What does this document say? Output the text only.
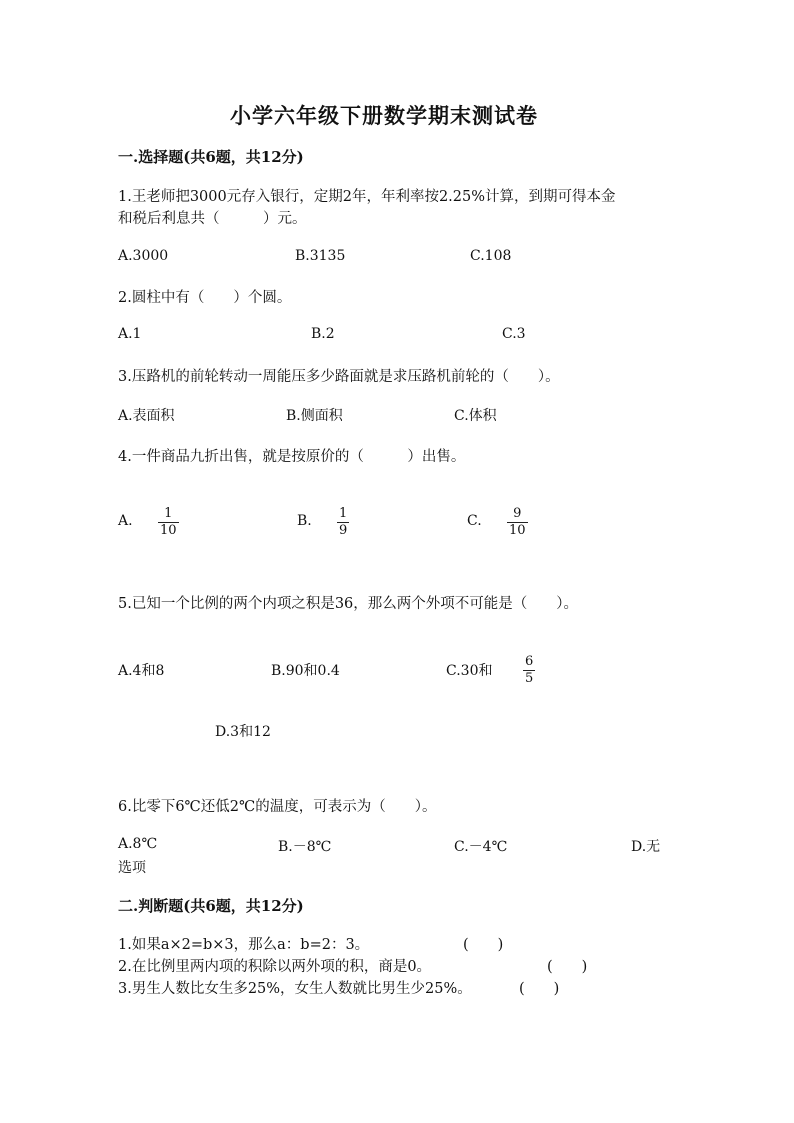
小学六年级下册数学期末测试卷
一.选择题(共6题，共12分)
1.王老师把3000元存入银行，定期2年，年利率按2.25%计算，到期可得本金
和税后利息共（　　　）元。
A.3000	B.3135	C.108
2.圆柱中有（　　）个圆。
A.1	B.2	C.3
3.压路机的前轮转动一周能压多少路面就是求压路机前轮的（　　）。
A.表面积	B.侧面积	C.体积
4.一件商品九折出售，就是按原价的（　　　）出售。
A. 1
10
B. 1
9
C. 9
10
5.已知一个比例的两个内项之积是36，那么两个外项不可能是（　　）。
A.4和8	B.90和0.4	C.30和
6
5
D.3和12
6.比零下6℃还低2℃的温度，可表示为（　　）。
A.8℃	B.－8℃	C.－4℃	D.无
选项
二.判断题(共6题，共12分)
1.如果a×2=b×3，那么a：b=2：3。	(　　)
2.在比例里两内项的积除以两外项的积，商是0。	(　　)
3.男生人数比女生多25%，女生人数就比男生少25%。	(　　)
